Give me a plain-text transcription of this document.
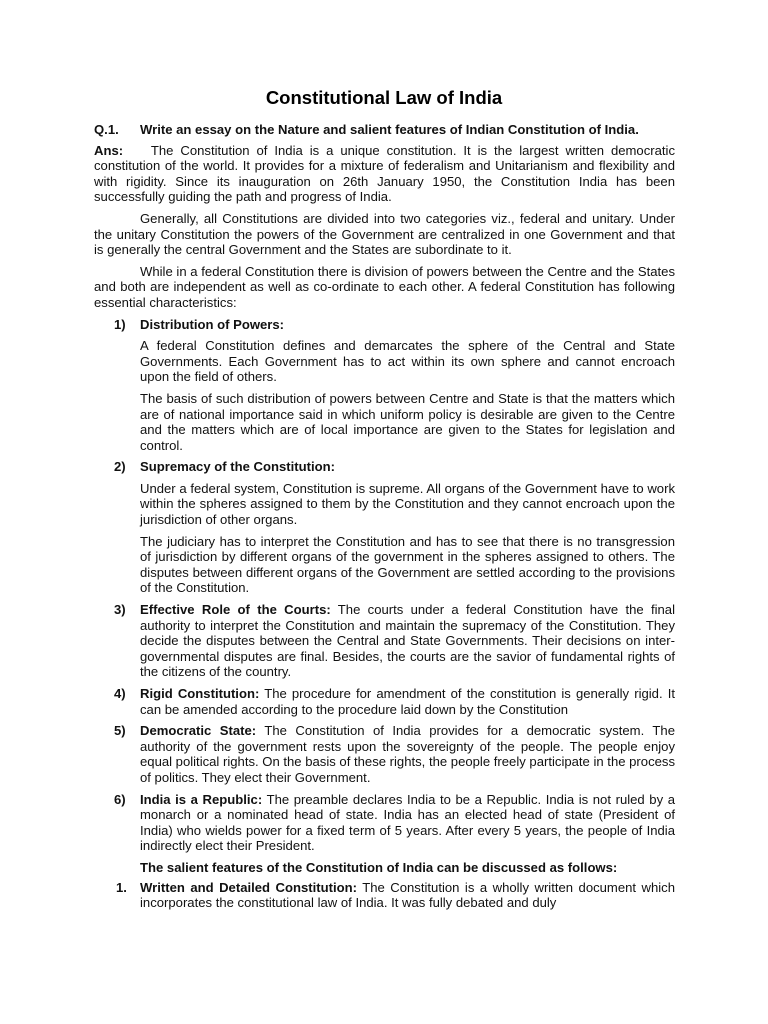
Constitutional Law of India
Q.1. Write an essay on the Nature and salient features of Indian Constitution of India.

Ans: The Constitution of India is a unique constitution. It is the largest written democratic constitution of the world. It provides for a mixture of federalism and Unitarianism and flexibility and with rigidity. Since its inauguration on 26th January 1950, the Constitution India has been successfully guiding the path and progress of India.

Generally, all Constitutions are divided into two categories viz., federal and unitary. Under the unitary Constitution the powers of the Government are centralized in one Government and that is generally the central Government and the States are subordinate to it.

While in a federal Constitution there is division of powers between the Centre and the States and both are independent as well as co-ordinate to each other. A federal Constitution has following essential characteristics:

1) Distribution of Powers:

A federal Constitution defines and demarcates the sphere of the Central and State Governments. Each Government has to act within its own sphere and cannot encroach upon the field of others.

The basis of such distribution of powers between Centre and State is that the matters which are of national importance said in which uniform policy is desirable are given to the Centre and the matters which are of local importance are given to the States for legislation and control.

2) Supremacy of the Constitution:

Under a federal system, Constitution is supreme. All organs of the Government have to work within the spheres assigned to them by the Constitution and they cannot encroach upon the jurisdiction of other organs.

The judiciary has to interpret the Constitution and has to see that there is no transgression of jurisdiction by different organs of the government in the spheres assigned to others. The disputes between different organs of the Government are settled according to the provisions of the Constitution.

3) Effective Role of the Courts: The courts under a federal Constitution have the final authority to interpret the Constitution and maintain the supremacy of the Constitution. They decide the disputes between the Central and State Governments. Their decisions on inter-governmental disputes are final. Besides, the courts are the savior of fundamental rights of the citizens of the country.
4) Rigid Constitution: The procedure for amendment of the constitution is generally rigid. It can be amended according to the procedure laid down by the Constitution
5) Democratic State: The Constitution of India provides for a democratic system. The authority of the government rests upon the sovereignty of the people. The people enjoy equal political rights. On the basis of these rights, the people freely participate in the process of politics. They elect their Government.
6) India is a Republic: The preamble declares India to be a Republic. India is not ruled by a monarch or a nominated head of state. India has an elected head of state (President of India) who wields power for a fixed term of 5 years. After every 5 years, the people of India indirectly elect their President.

The salient features of the Constitution of India can be discussed as follows:

1. Written and Detailed Constitution: The Constitution is a wholly written document which incorporates the constitutional law of India. It was fully debated and duly
